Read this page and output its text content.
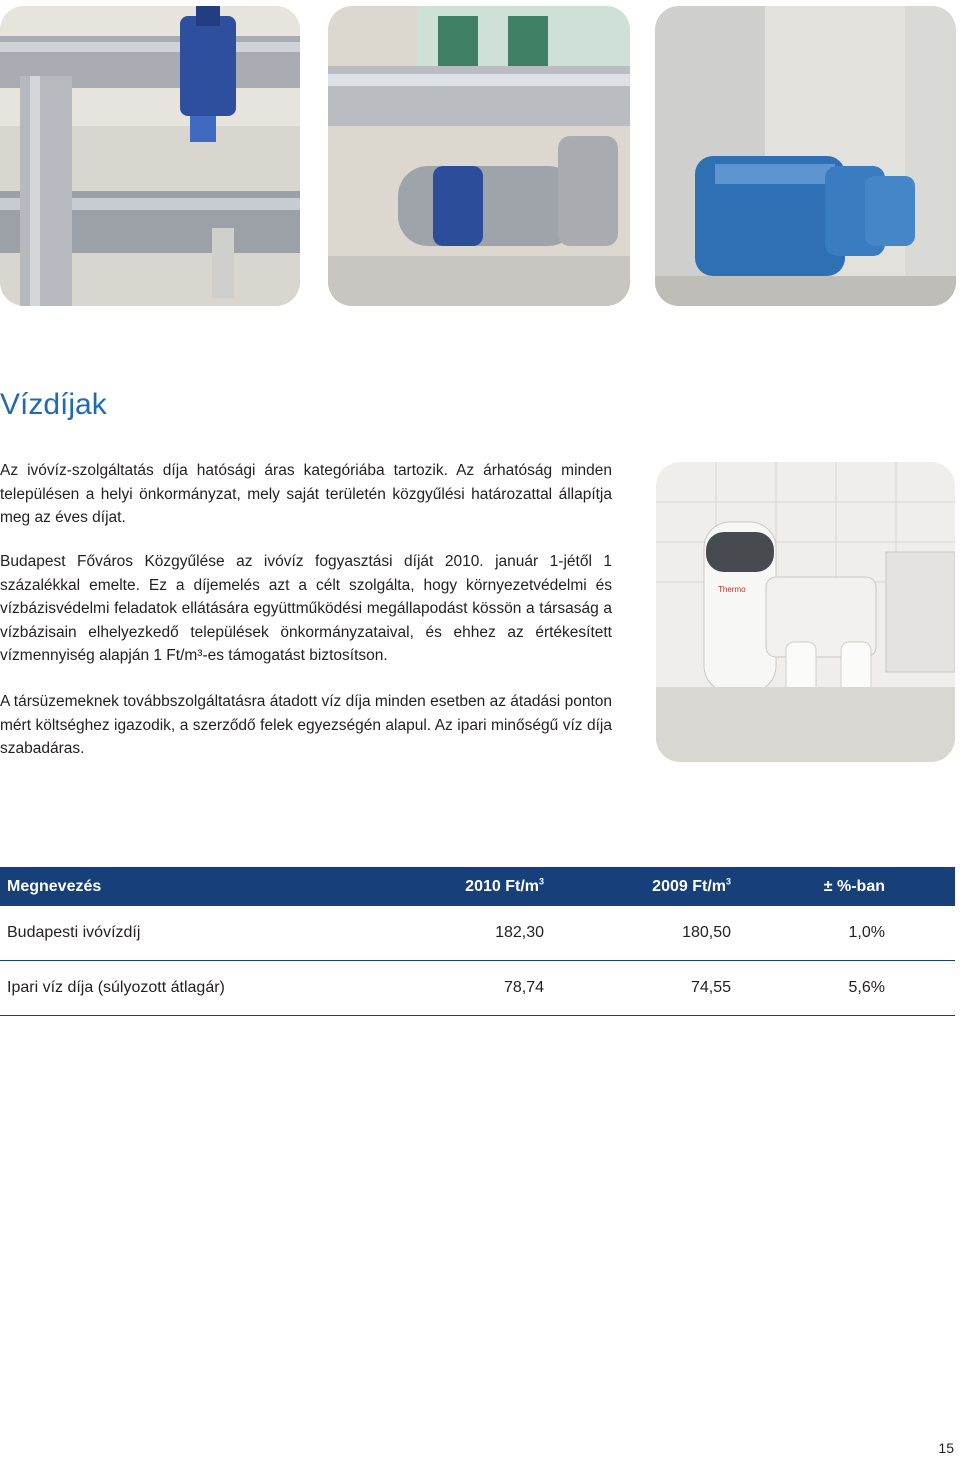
Thermo
Vízdíjak

Az ivóvíz-szolgáltatás díja hatósági áras kategóriába tartozik. Az árhatóság minden településen a helyi önkormányzat, mely saját területén közgyűlési határozattal állapítja meg az éves díjat.

Budapest Főváros Közgyűlése az ivóvíz fogyasztási díját 2010. január 1-jétől 1 százalékkal emelte. Ez a díjemelés azt a célt szolgálta, hogy környezetvédelmi és vízbázisvédelmi feladatok ellátására együttműködési megállapodást kössön a társaság a vízbázisain elhelyezkedő települések önkormányzataival, és ehhez az értékesített vízmennyiség alapján 1 Ft/m³-es támogatást biztosítson.

A társüzemeknek továbbszolgáltatásra átadott víz díja minden esetben az átadási ponton mért költséghez igazodik, a szerződő felek egyezségén alapul. Az ipari minőségű víz díja szabadáras.

Megnevezés	2010 $Ft/m^3$	2009 $Ft/m^3$	± %-ban
Budapesti ivóvízdíj	182,30	180,50	1,0%
Ipari víz díja (súlyozott átlagár)	78,74	74,55	5,6%
15
